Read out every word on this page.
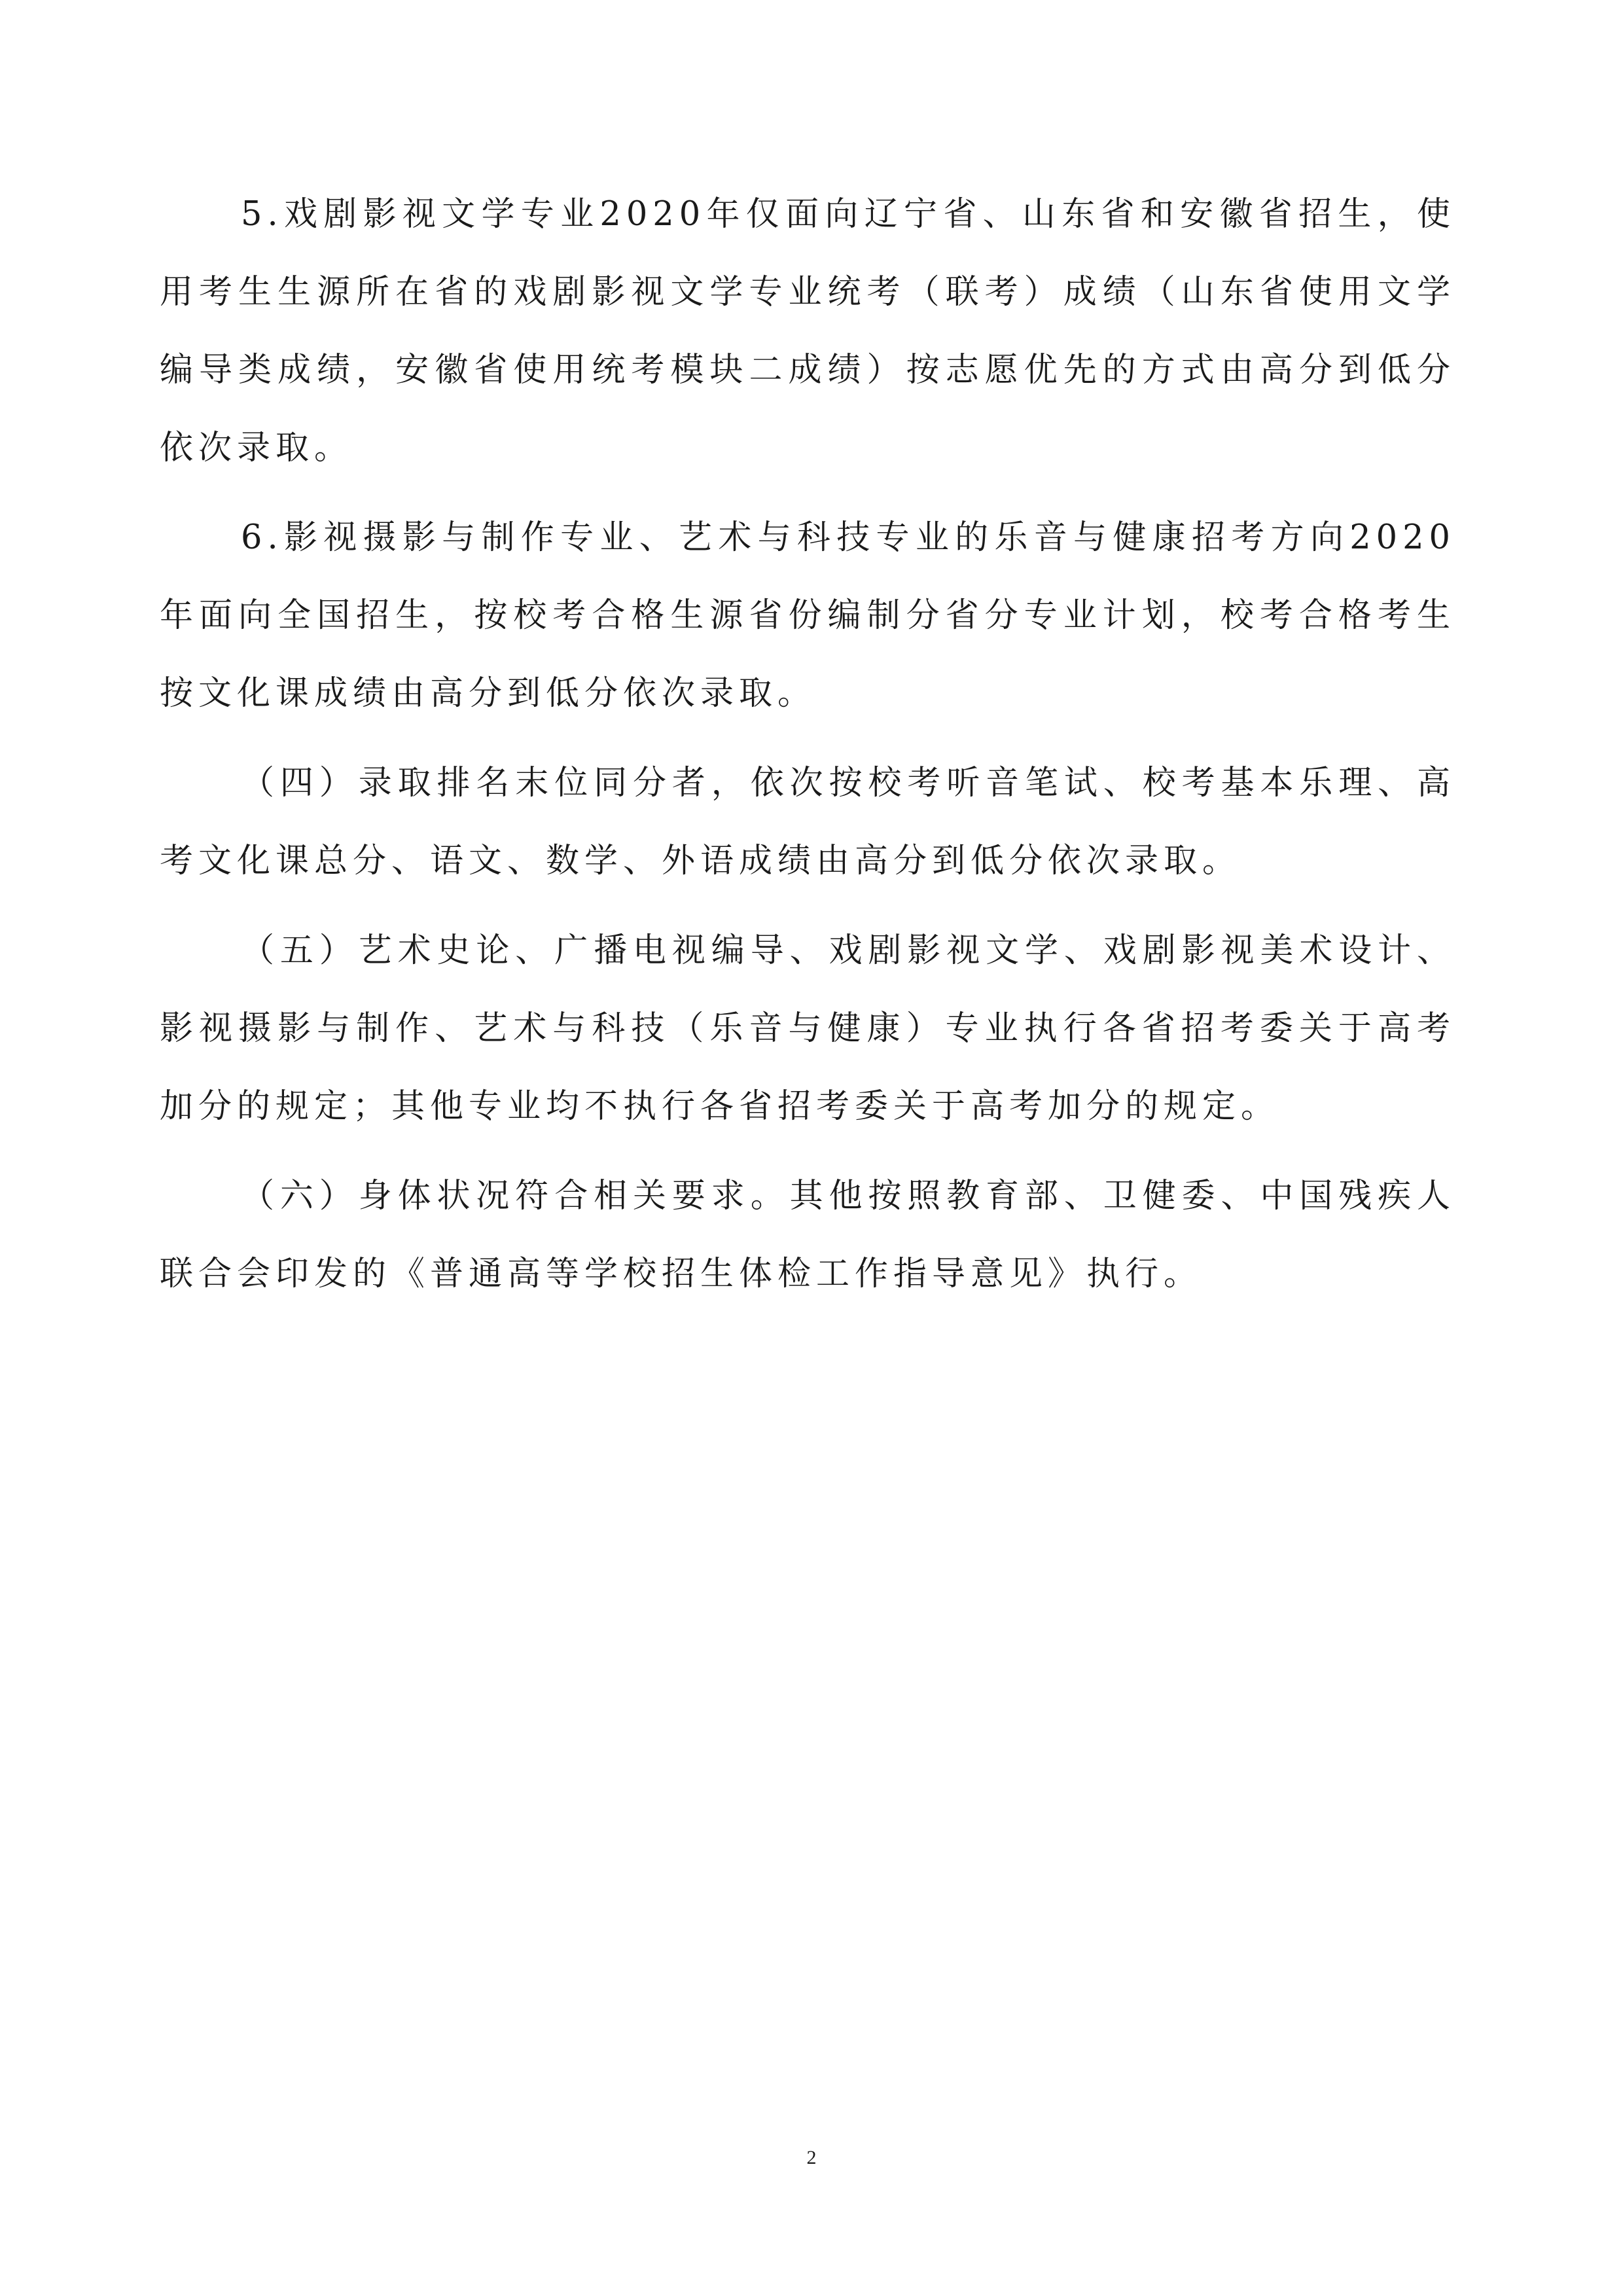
5.戏剧影视文学专业2020年仅面向辽宁省、山东省和安徽省招生，使用考生生源所在省的戏剧影视文学专业统考（联考）成绩（山东省使用文学编导类成绩，安徽省使用统考模块二成绩）按志愿优先的方式由高分到低分依次录取。

6.影视摄影与制作专业、艺术与科技专业的乐音与健康招考方向2020年面向全国招生，按校考合格生源省份编制分省分专业计划，校考合格考生按文化课成绩由高分到低分依次录取。

（四）录取排名末位同分者，依次按校考听音笔试、校考基本乐理、高考文化课总分、语文、数学、外语成绩由高分到低分依次录取。

（五）艺术史论、广播电视编导、戏剧影视文学、戏剧影视美术设计、影视摄影与制作、艺术与科技（乐音与健康）专业执行各省招考委关于高考加分的规定；其他专业均不执行各省招考委关于高考加分的规定。

（六）身体状况符合相关要求。其他按照教育部、卫健委、中国残疾人联合会印发的《普通高等学校招生体检工作指导意见》执行。

2
